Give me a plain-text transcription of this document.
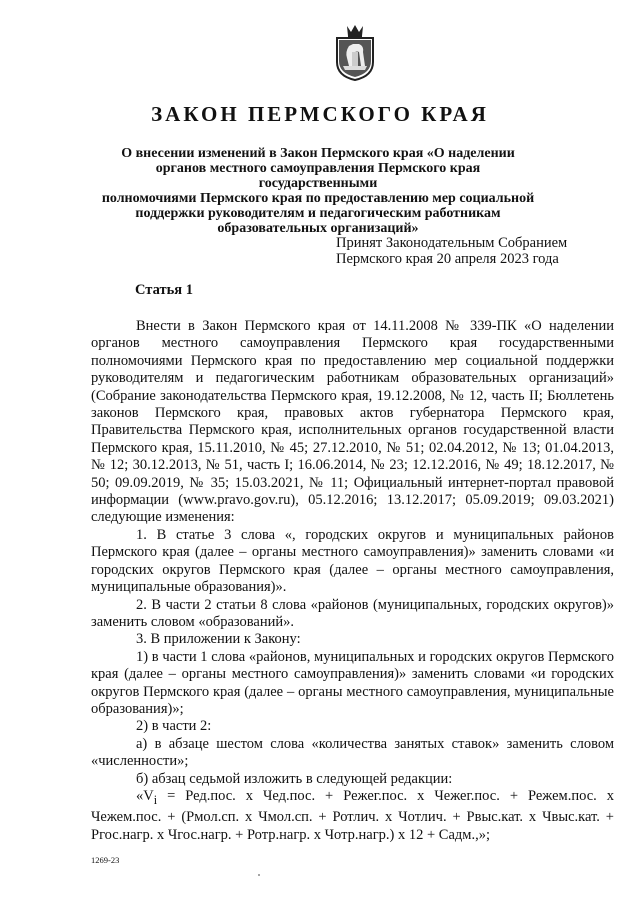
ЗАКОН ПЕРМСКОГО КРАЯ
О внесении изменений в Закон Пермского края «О наделении
органов местного самоуправления Пермского края государственными
полномочиями Пермского края по предоставлению мер социальной
поддержки руководителям и педагогическим работникам
образовательных организаций»
Принят Законодательным Собранием
Пермского края 20 апреля 2023 года
Статья 1

Внести в Закон Пермского края от 14.11.2008 № 339-ПК «О наделении органов местного самоуправления Пермского края государственными полномочиями Пермского края по предоставлению мер социальной поддержки руководителям и педагогическим работникам образовательных организаций» (Собрание законодательства Пермского края, 19.12.2008, № 12, часть II; Бюллетень законов Пермского края, правовых актов губернатора Пермского края, Правительства Пермского края, исполнительных органов государственной власти Пермского края, 15.11.2010, № 45; 27.12.2010, № 51; 02.04.2012, № 13; 01.04.2013, № 12; 30.12.2013, № 51, часть I; 16.06.2014, № 23; 12.12.2016, № 49; 18.12.2017, № 50; 09.09.2019, № 35; 15.03.2021, № 11; Официальный интернет-портал правовой информации (www.pravo.gov.ru), 05.12.2016; 13.12.2017; 05.09.2019; 09.03.2021) следующие изменения:

1. В статье 3 слова «, городских округов и муниципальных районов Пермского края (далее – органы местного самоуправления)» заменить словами «и городских округов Пермского края (далее – органы местного самоуправления, муниципальные образования)».

2. В части 2 статьи 8 слова «районов (муниципальных, городских округов)» заменить словом «образований».

3. В приложении к Закону:

1) в части 1 слова «районов, муниципальных и городских округов Пермского края (далее – органы местного самоуправления)» заменить словами «и городских округов Пермского края (далее – органы местного самоуправления, муниципальные образования)»;

2) в части 2:

а) в абзаце шестом слова «количества занятых ставок» заменить словом «численности»;

б) абзац седьмой изложить в следующей редакции:

«$V_i = Ред.пос$. x Чед.пос. + Режег.пос. x Чежег.пос. + Режем.пос. x Чежем.пос. + (Рмол.сп. x Чмол.сп. + Ротлич. x Чотлич. + Рвыс.кат. x Чвыс.кат. + Ргос.нагр. x Чгос.нагр. + Ротр.нагр. x Чотр.нагр.) x 12 + Садм.,»;

1269-23
